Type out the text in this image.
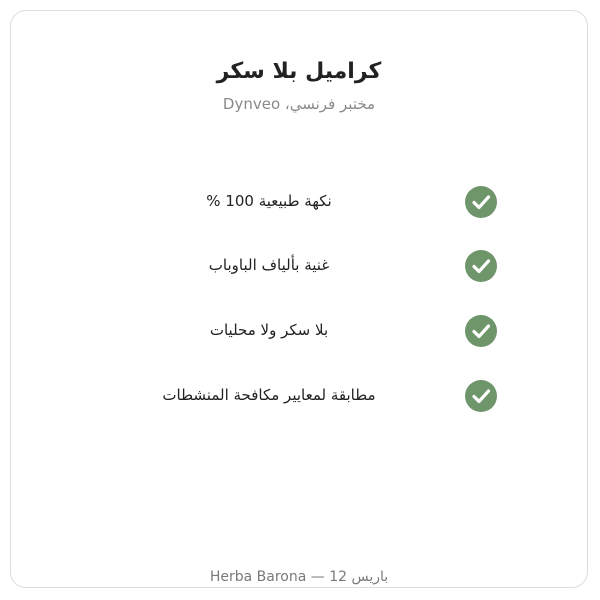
كراميل بلا سكر
مختبر فرنسي، Dynveo
نكهة طبيعية 100 %
غنية بألياف الباوباب
بلا سكر ولا محليات
مطابقة لمعايير مكافحة المنشطات
باريس 12 — Herba Barona
